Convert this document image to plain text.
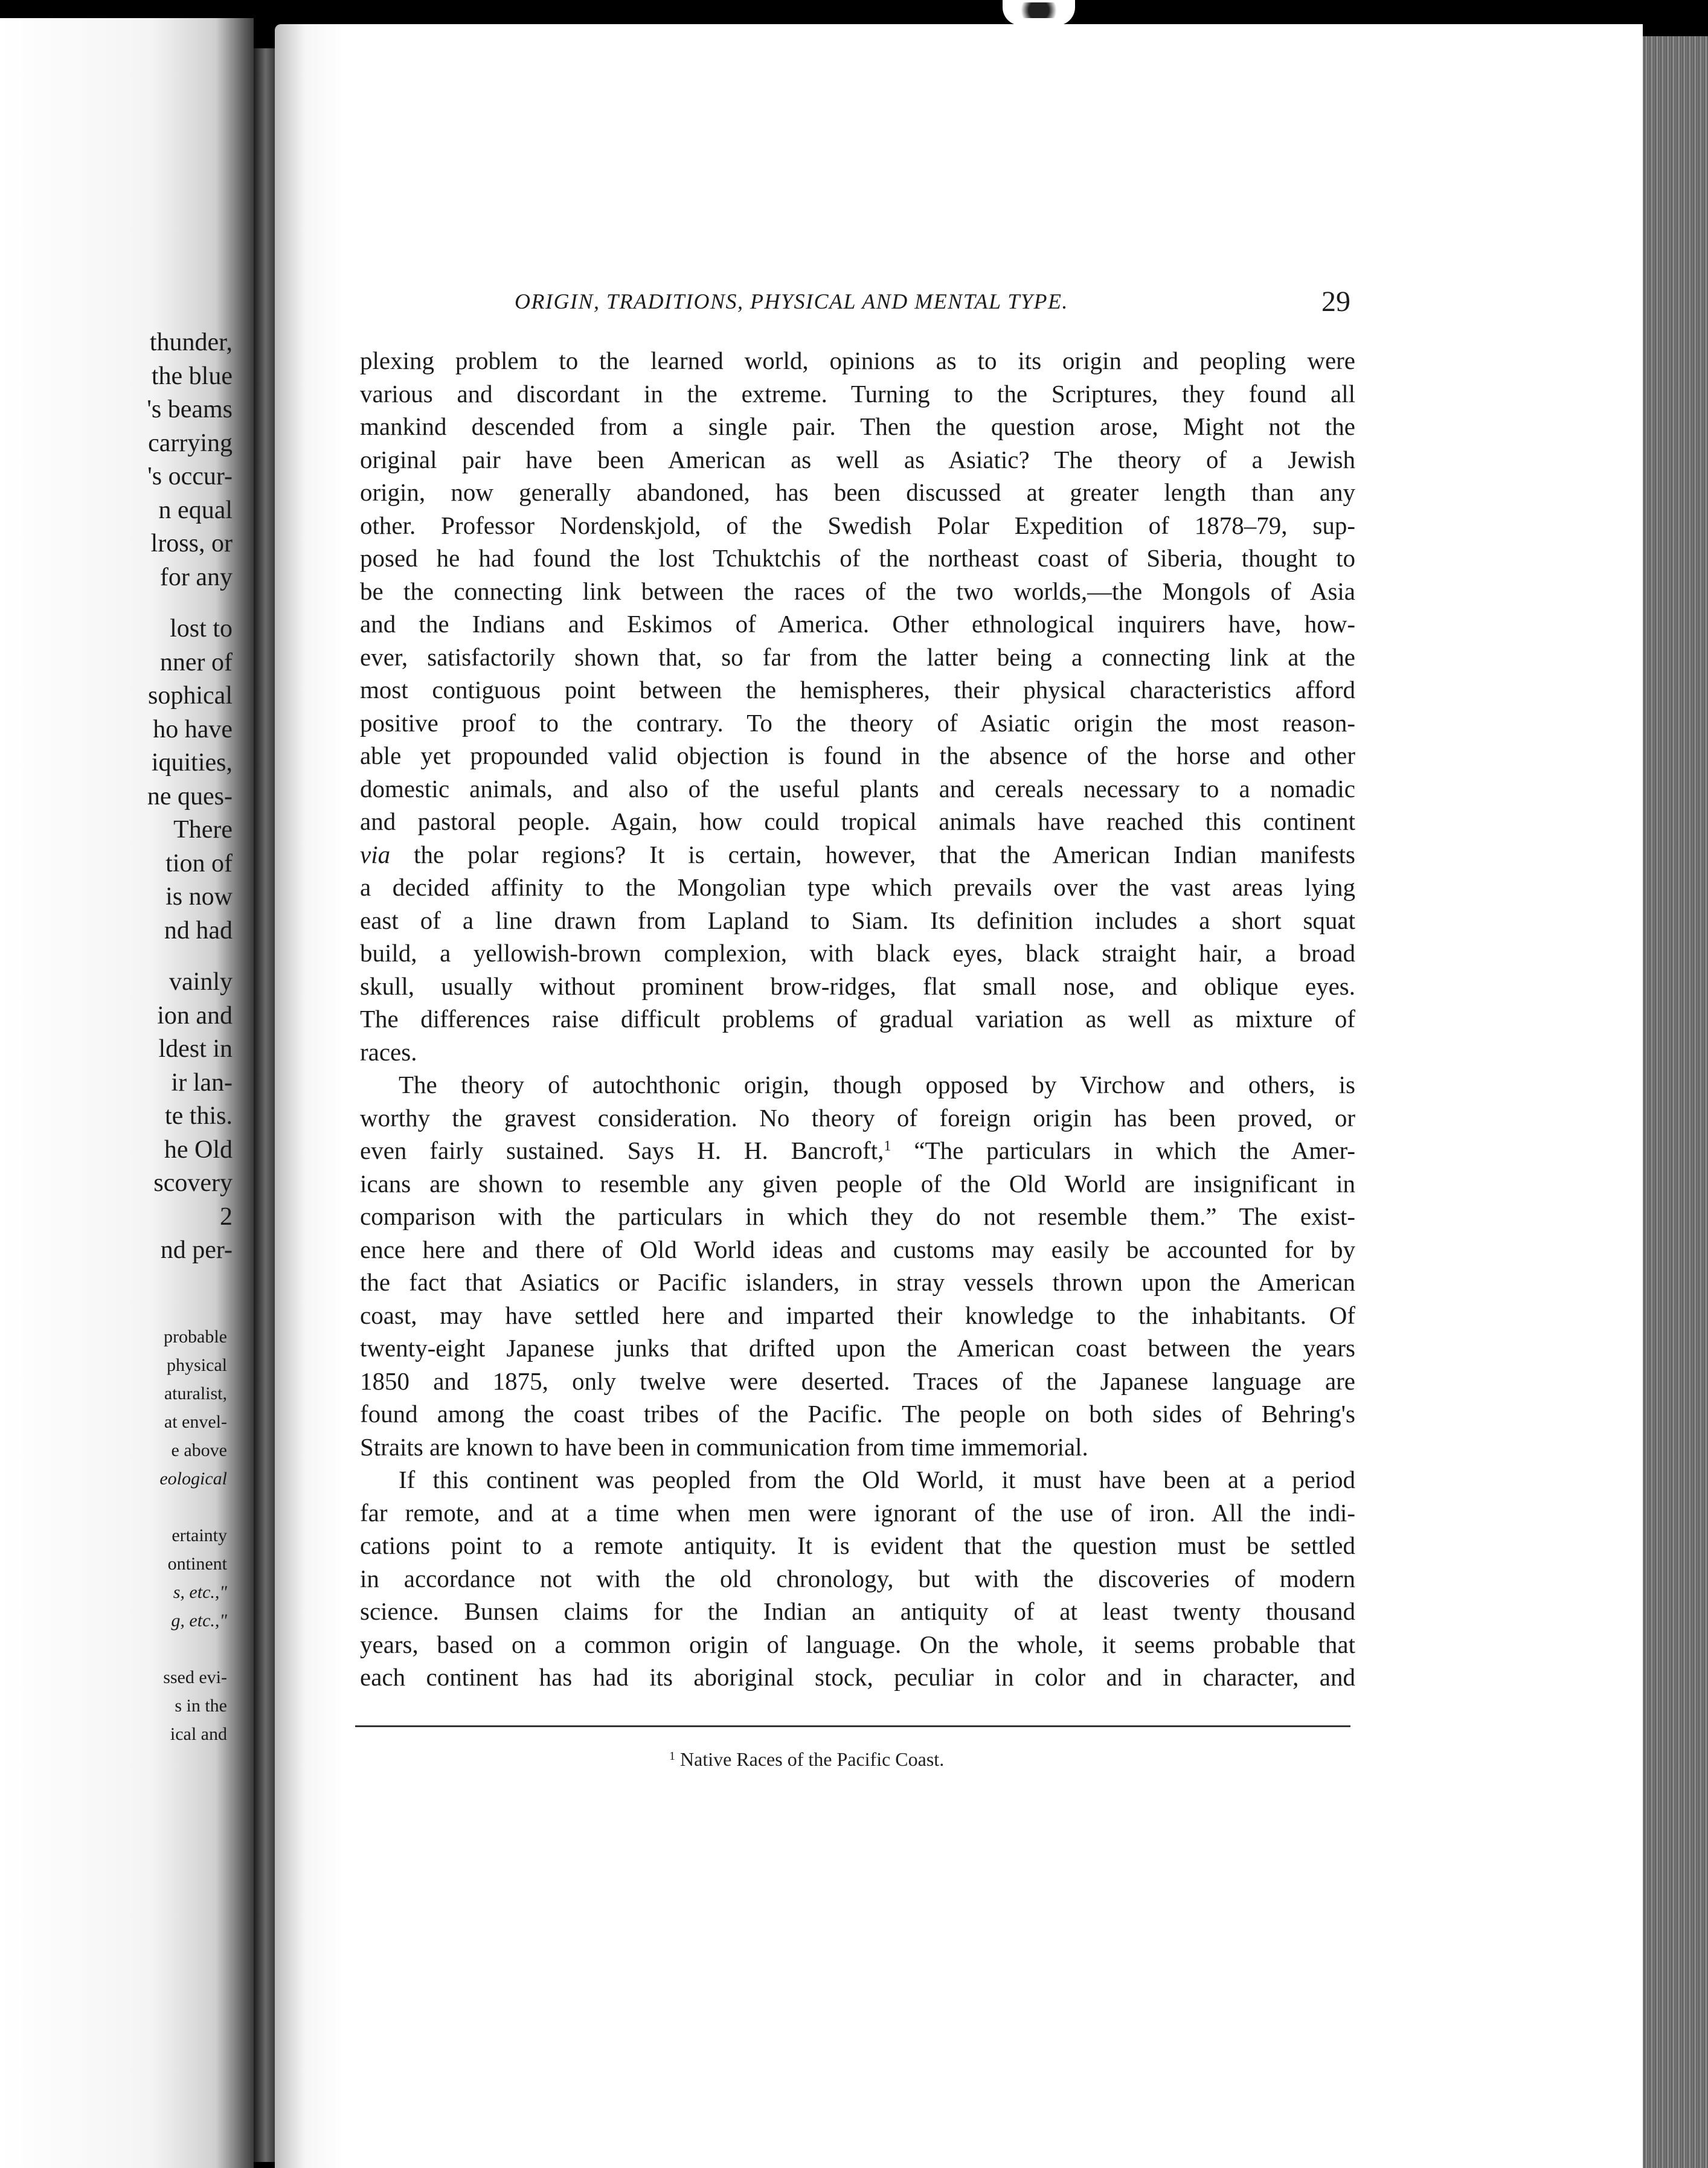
thunder,
the blue
's beams
carrying
's occur-
n equal
lross, or
for any
lost to
nner of
sophical
ho have
iquities,
ne ques-
There
tion of
is now
nd had
vainly
ion and
ldest in
ir lan-
te this.
he Old
scovery
2
nd per-
probable
physical
aturalist,
at envel-
e above
eological
ertainty
ontinent
s, etc.,"
g, etc.,"
ssed evi-
s in the
ical and
ORIGIN, TRADITIONS, PHYSICAL AND MENTAL TYPE.	29
plexing problem to the learned world, opinions as to its origin and peopling were
various and discordant in the extreme. Turning to the Scriptures, they found all
mankind descended from a single pair. Then the question arose, Might not the
original pair have been American as well as Asiatic? The theory of a Jewish
origin, now generally abandoned, has been discussed at greater length than any
other. Professor Nordenskjold, of the Swedish Polar Expedition of 1878–79, sup-
posed he had found the lost Tchuktchis of the northeast coast of Siberia, thought to
be the connecting link between the races of the two worlds,—the Mongols of Asia
and the Indians and Eskimos of America. Other ethnological inquirers have, how-
ever, satisfactorily shown that, so far from the latter being a connecting link at the
most contiguous point between the hemispheres, their physical characteristics afford
positive proof to the contrary. To the theory of Asiatic origin the most reason-
able yet propounded valid objection is found in the absence of the horse and other
domestic animals, and also of the useful plants and cereals necessary to a nomadic
and pastoral people. Again, how could tropical animals have reached this continent
via the polar regions? It is certain, however, that the American Indian manifests
a decided affinity to the Mongolian type which prevails over the vast areas lying
east of a line drawn from Lapland to Siam. Its definition includes a short squat
build, a yellowish-brown complexion, with black eyes, black straight hair, a broad
skull, usually without prominent brow-ridges, flat small nose, and oblique eyes.
The differences raise difficult problems of gradual variation as well as mixture of
races.
The theory of autochthonic origin, though opposed by Virchow and others, is
worthy the gravest consideration. No theory of foreign origin has been proved, or
even fairly sustained. Says H. H. Bancroft,$^1$ “The particulars in which the Amer-
icans are shown to resemble any given people of the Old World are insignificant in
comparison with the particulars in which they do not resemble them.” The exist-
ence here and there of Old World ideas and customs may easily be accounted for by
the fact that Asiatics or Pacific islanders, in stray vessels thrown upon the American
coast, may have settled here and imparted their knowledge to the inhabitants. Of
twenty-eight Japanese junks that drifted upon the American coast between the years
1850 and 1875, only twelve were deserted. Traces of the Japanese language are
found among the coast tribes of the Pacific. The people on both sides of Behring's
Straits are known to have been in communication from time immemorial.
If this continent was peopled from the Old World, it must have been at a period
far remote, and at a time when men were ignorant of the use of iron. All the indi-
cations point to a remote antiquity. It is evident that the question must be settled
in accordance not with the old chronology, but with the discoveries of modern
science. Bunsen claims for the Indian an antiquity of at least twenty thousand
years, based on a common origin of language. On the whole, it seems probable that
each continent has had its aboriginal stock, peculiar in color and in character, and
$^1$ Native Races of the Pacific Coast.
